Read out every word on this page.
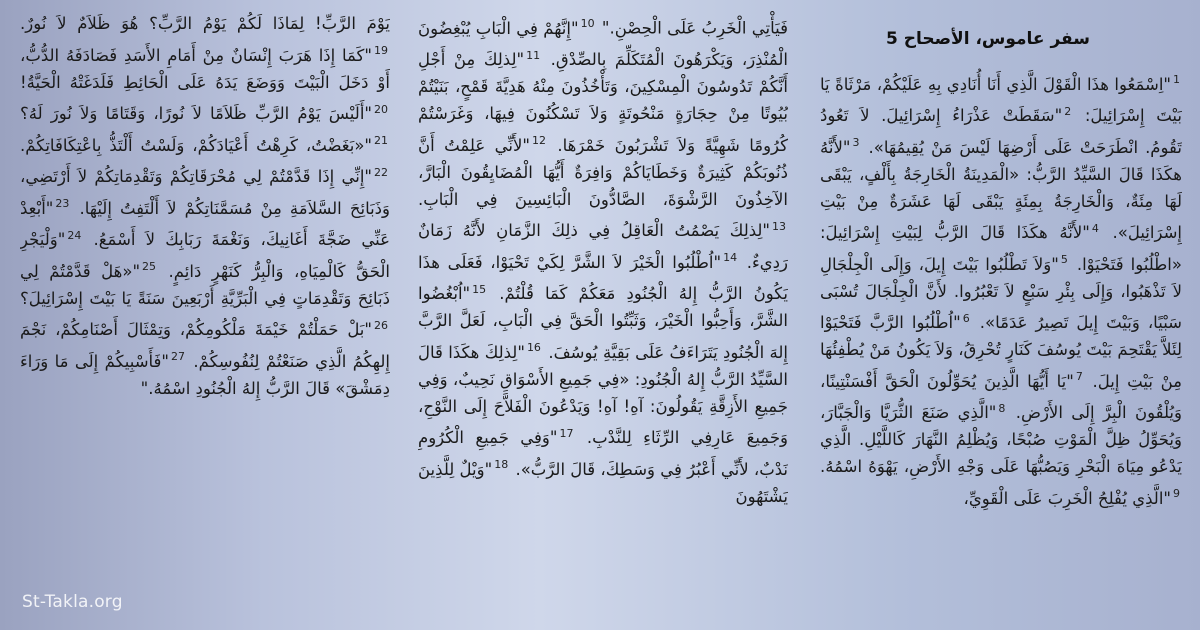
سفر عاموس، الأصحاح 5
$^1$"اِسْمَعُوا هذَا الْقَوْلَ الَّذِي أَنَا أُنَادِي بِهِ عَلَيْكُمْ، مَرْثَاةً يَا بَيْتَ إِسْرَائِيلَ: $^2$"سَقَطَتْ عَذْرَاءُ إِسْرَائِيلَ. لاَ تَعُودُ تَقُومُ. انْطَرَحَتْ عَلَى أَرْضِهَا لَيْسَ مَنْ يُقِيمُهَا». $^3$"لأَنَّهُ هكَذَا قَالَ السَّيِّدُ الرَّبُّ: «الْمَدِينَةُ الْخَارِجَةُ بِأَلْفٍ، يَبْقَى لَهَا مِئَةٌ، وَالْخَارِجَةُ بِمِئَةٍ يَبْقَى لَهَا عَشَرَةٌ مِنْ بَيْتِ إِسْرَائِيلَ». $^4$"لأَنَّهُ هكَذَا قَالَ الرَّبُّ لِبَيْتِ إِسْرَائِيلَ: «اطْلُبُوا فَتَحْيَوْا. $^5$"وَلاَ تَطْلُبُوا بَيْتَ إِيلَ، وَإِلَى الْجِلْجَالِ لاَ تَذْهَبُوا، وَإِلَى بِئْرِ سَبْعٍ لاَ تَعْبُرُوا. لأَنَّ الْجِلْجَالَ تُسْبَى سَبْيًا، وَبَيْتَ إِيلَ تَصِيرُ عَدَمًا». $^6$"اُطْلُبُوا الرَّبَّ فَتَحْيَوْا لِئَلاَّ يَقْتَحِمَ بَيْتَ يُوسُفَ كَنَارٍ تُحْرِقُ، وَلاَ يَكُونُ مَنْ يُطْفِئُهَا مِنْ بَيْتِ إِيلَ. $^7$"يَا أَيُّهَا الَّذِينَ يُحَوِّلُونَ الْحَقَّ أَفْسَنْتِينًا، وَيُلْقُونَ الْبِرَّ إِلَى الأَرْضِ. $^8$"الَّذِي صَنَعَ الثُّرَيَّا وَالْجَبَّارَ، وَيُحَوِّلُ ظِلَّ الْمَوْتِ صُبْحًا، وَيُظْلِمُ النَّهَارَ كَاللَّيْلِ. الَّذِي يَدْعُو مِيَاهَ الْبَحْرِ وَيَصُبُّهَا عَلَى وَجْهِ الأَرْضِ، يَهْوَهُ اسْمُهُ. $^9$"الَّذِي يُفْلِحُ الْخَرِبَ عَلَى الْقَوِيِّ،
فَيَأْتِي الْخَرِبُ عَلَى الْحِصْنِ." $^{10}$"إِنَّهُمْ فِي الْبَابِ يُبْغِضُونَ الْمُنْذِرَ، وَيَكْرَهُونَ الْمُتَكَلِّمَ بِالصِّدْقِ. $^{11}$"لِذلِكَ مِنْ أَجْلِ أَنَّكُمْ تَدُوسُونَ الْمِسْكِينَ، وَتَأْخُذُونَ مِنْهُ هَدِيَّةَ قَمْحٍ، بَنَيْتُمْ بُيُوتًا مِنْ حِجَارَةٍ مَنْحُوتَةٍ وَلاَ تَسْكُنُونَ فِيهَا، وَغَرَسْتُمْ كُرُومًا شَهِيَّةً وَلاَ تَشْرَبُونَ خَمْرَهَا. $^{12}$"لأَنِّي عَلِمْتُ أَنَّ ذُنُوبَكُمْ كَثِيرَةٌ وَخَطَايَاكُمْ وَافِرَةٌ أَيُّهَا الْمُضَايِقُونَ الْبَارَّ، الآخِذُونَ الرَّشْوَةَ، الصَّادُّونَ الْبَائِسِينَ فِي الْبَابِ. $^{13}$"لِذلِكَ يَصْمُتُ الْعَاقِلُ فِي ذلِكَ الزَّمَانِ لأَنَّهُ زَمَانٌ رَدِيءٌ. $^{14}$"اُطْلُبُوا الْخَيْرَ لاَ الشَّرَّ لِكَيْ تَحْيَوْا، فَعَلَى هذَا يَكُونُ الرَّبُّ إِلهُ الْجُنُودِ مَعَكُمْ كَمَا قُلْتُمْ. $^{15}$"اُبْغُضُوا الشَّرَّ، وَأَحِبُّوا الْخَيْرَ، وَثَبِّتُوا الْحَقَّ فِي الْبَابِ، لَعَلَّ الرَّبَّ إِلهَ الْجُنُودِ يَتَرَاءَفُ عَلَى بَقِيَّةِ يُوسُفَ. $^{16}$"لِذلِكَ هكَذَا قَالَ السَّيِّدُ الرَّبُّ إِلهُ الْجُنُودِ: «فِي جَمِيعِ الأَسْوَاقِ نَحِيبٌ، وَفِي جَمِيعِ الأَزِقَّةِ يَقُولُونَ: آهِ! آهِ! وَيَدْعُونَ الْفَلاَّحَ إِلَى النَّوْحِ، وَجَمِيعَ عَارِفِي الرِّثَاءِ لِلنَّدْبِ. $^{17}$"وَفِي جَمِيعِ الْكُرُومِ نَدْبٌ، لأَنِّي أَعْبُرُ فِي وَسَطِكَ، قَالَ الرَّبُّ». $^{18}$"وَيْلٌ لِلَّذِينَ يَشْتَهُونَ
يَوْمَ الرَّبِّ! لِمَاذَا لَكُمْ يَوْمُ الرَّبِّ؟ هُوَ ظَلاَمٌ لاَ نُورٌ. $^{19}$"كَمَا إِذَا هَرَبَ إِنْسَانٌ مِنْ أَمَامِ الأَسَدِ فَصَادَفَهُ الدُّبُّ، أَوْ دَخَلَ الْبَيْتَ وَوَضَعَ يَدَهُ عَلَى الْحَائِطِ فَلَدَغَتْهُ الْحَيَّةُ! $^{20}$"أَلَيْسَ يَوْمُ الرَّبِّ ظَلاَمًا لاَ نُورًا، وَقَتَامًا وَلاَ نُورَ لَهُ؟ $^{21}$"«بَغَضْتُ، كَرِهْتُ أَعْيَادَكُمْ، وَلَسْتُ أَلْتَذُّ بِاعْتِكَافَاتِكُمْ. $^{22}$"إِنِّي إِذَا قَدَّمْتُمْ لِي مُحْرَقَاتِكُمْ وَتَقْدِمَاتِكُمْ لاَ أَرْتَضِي، وَذَبَائِحَ السَّلاَمَةِ مِنْ مُسَمَّنَاتِكُمْ لاَ أَلْتَفِتُ إِلَيْهَا. $^{23}$"أَبْعِدْ عَنِّي ضَجَّةَ أَغَانِيكَ، وَنَغْمَةَ رَبَابِكَ لاَ أَسْمَعُ. $^{24}$"وَلْيَجْرِ الْحَقُّ كَالْمِيَاهِ، وَالْبِرُّ كَنَهْرٍ دَائِمٍ. $^{25}$"«هَلْ قَدَّمْتُمْ لِي ذَبَائِحَ وَتَقْدِمَاتٍ فِي الْبَرِّيَّةِ أَرْبَعِينَ سَنَةً يَا بَيْتَ إِسْرَائِيلَ؟ $^{26}$"بَلْ حَمَلْتُمْ خَيْمَةَ مَلْكُومِكُمْ، وَتِمْثَالَ أَصْنَامِكُمْ، نَجْمَ إِلهِكُمُ الَّذِي صَنَعْتُمْ لِنُفُوسِكُمْ. $^{27}$"فَأَسْبِيكُمْ إِلَى مَا وَرَاءَ دِمَشْقَ» قَالَ الرَّبُّ إِلهُ الْجُنُودِ اسْمُهُ."
St-Takla.org
